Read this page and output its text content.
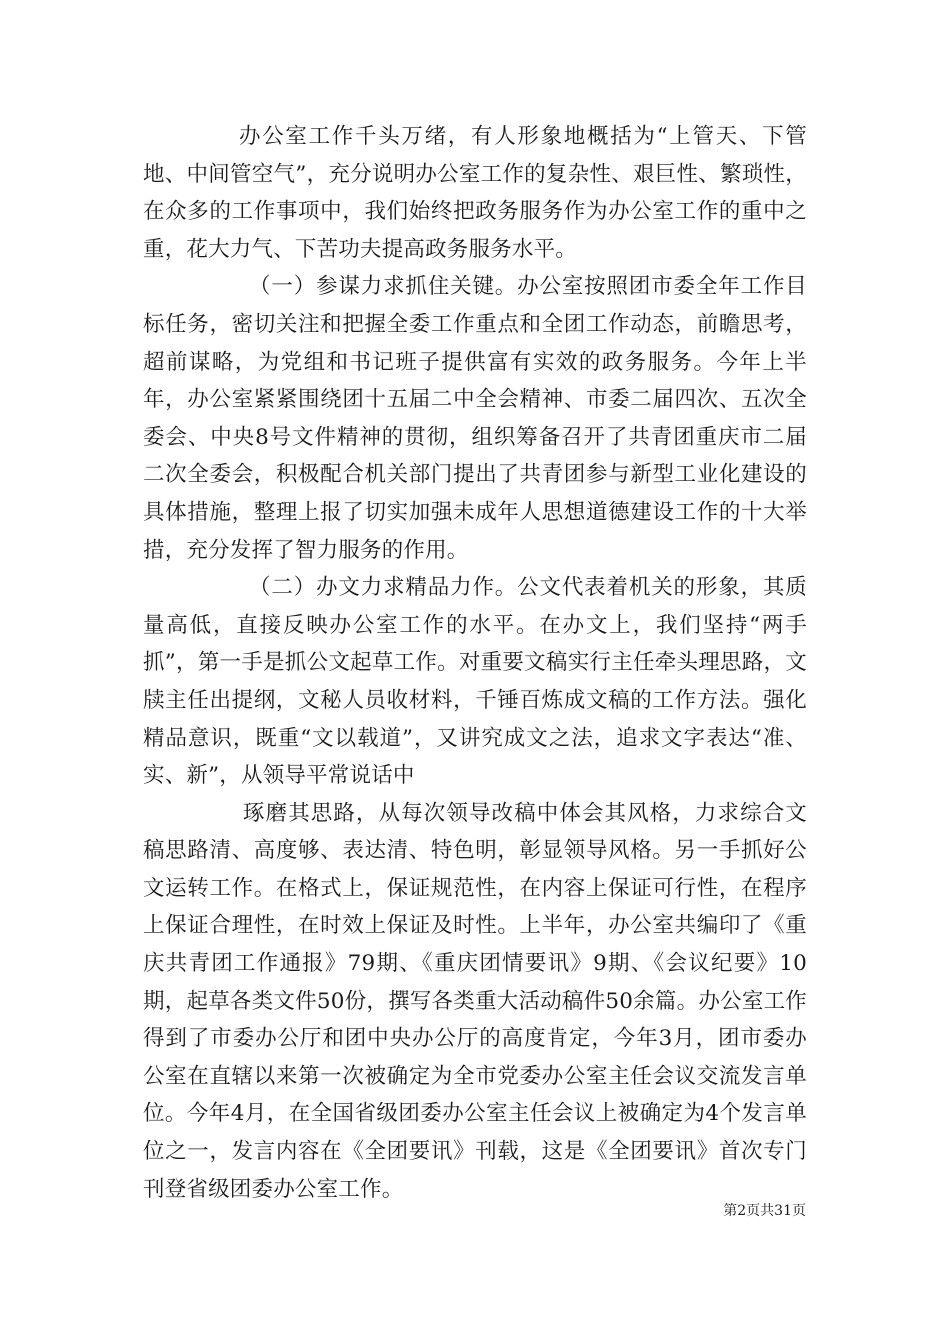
办公室工作千头万绪，有人形象地概括为“上管天、下管地、中间管空气”，充分说明办公室工作的复杂性、艰巨性、繁琐性，在众多的工作事项中，我们始终把政务服务作为办公室工作的重中之重，花大力气、下苦功夫提高政务服务水平。

（一）参谋力求抓住关键。办公室按照团市委全年工作目标任务，密切关注和把握全委工作重点和全团工作动态，前瞻思考，超前谋略，为党组和书记班子提供富有实效的政务服务。今年上半年，办公室紧紧围绕团十五届二中全会精神、市委二届四次、五次全委会、中央8号文件精神的贯彻，组织筹备召开了共青团重庆市二届二次全委会，积极配合机关部门提出了共青团参与新型工业化建设的具体措施，整理上报了切实加强未成年人思想道德建设工作的十大举措，充分发挥了智力服务的作用。

（二）办文力求精品力作。公文代表着机关的形象，其质量高低，直接反映办公室工作的水平。在办文上，我们坚持“两手抓”，第一手是抓公文起草工作。对重要文稿实行主任牵头理思路，文牍主任出提纲，文秘人员收材料，千锤百炼成文稿的工作方法。强化精品意识，既重“文以载道”，又讲究成文之法，追求文字表达“准、实、新”，从领导平常说话中

琢磨其思路，从每次领导改稿中体会其风格，力求综合文稿思路清、高度够、表达清、特色明，彰显领导风格。另一手抓好公文运转工作。在格式上，保证规范性，在内容上保证可行性，在程序上保证合理性，在时效上保证及时性。上半年，办公室共编印了《重庆共青团工作通报》79期、《重庆团情要讯》9期、《会议纪要》10期，起草各类文件50份，撰写各类重大活动稿件50余篇。办公室工作得到了市委办公厅和团中央办公厅的高度肯定，今年3月，团市委办公室在直辖以来第一次被确定为全市党委办公室主任会议交流发言单位。今年4月，在全国省级团委办公室主任会议上被确定为4个发言单位之一，发言内容在《全团要讯》刊载，这是《全团要讯》首次专门刊登省级团委办公室工作。

第2页共31页
